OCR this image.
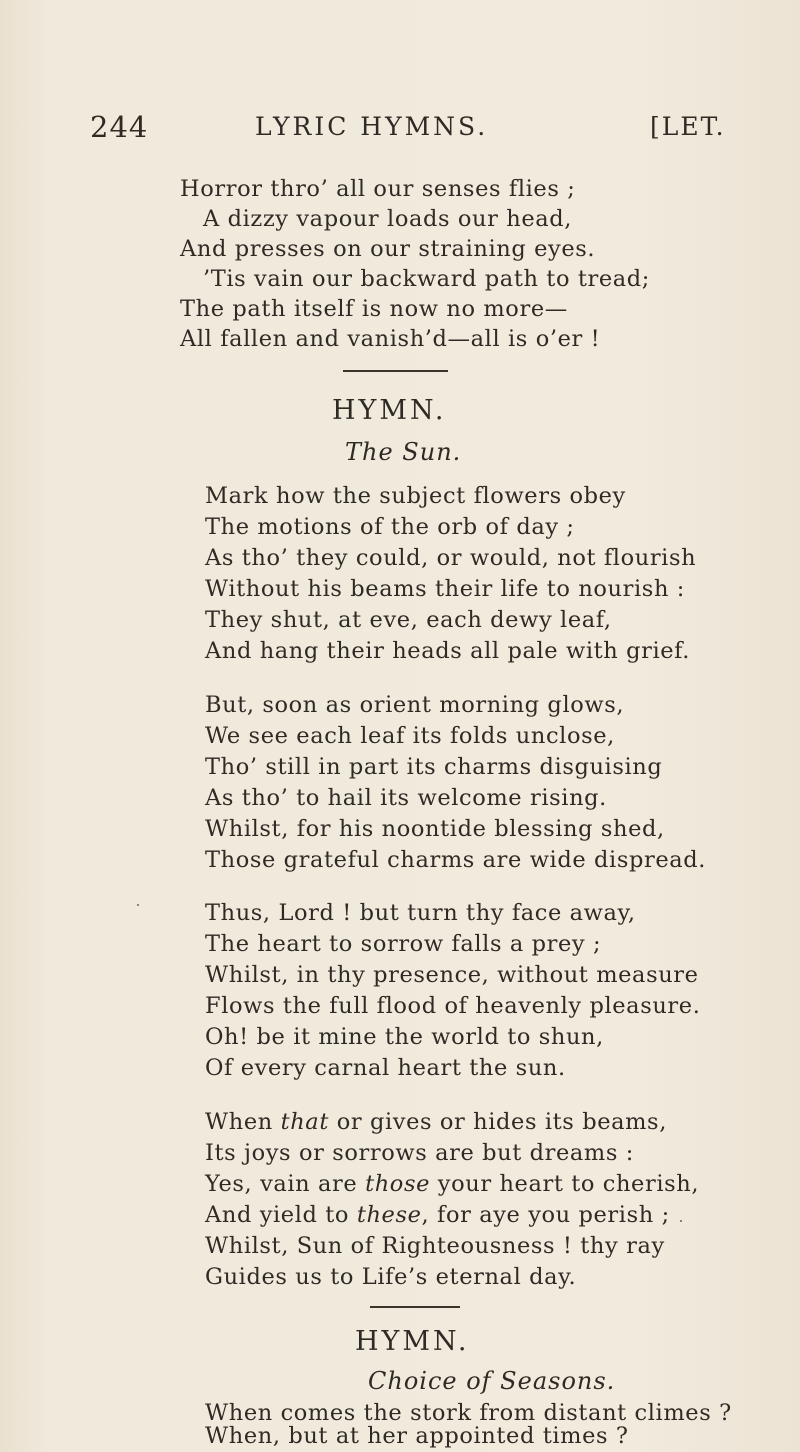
244	LYRIC HYMNS.	[LET.
Horror thro’ all our senses flies ;
A dizzy vapour loads our head,
And presses on our straining eyes.
’Tis vain our backward path to tread;
The path itself is now no more—
All fallen and vanish’d—all is o’er !
HYMN.
The Sun.
Mark how the subject flowers obey
The motions of the orb of day ;
As tho’ they could, or would, not flourish
Without his beams their life to nourish :
They shut, at eve, each dewy leaf,
And hang their heads all pale with grief.
But, soon as orient morning glows,
We see each leaf its folds unclose,
Tho’ still in part its charms disguising
As tho’ to hail its welcome rising.
Whilst, for his noontide blessing shed,
Those grateful charms are wide dispread.
Thus, Lord ! but turn thy face away,
The heart to sorrow falls a prey ;
Whilst, in thy presence, without measure
Flows the full flood of heavenly pleasure.
Oh! be it mine the world to shun,
Of every carnal heart the sun.
When that or gives or hides its beams,
Its joys or sorrows are but dreams :
Yes, vain are those your heart to cherish,
And yield to these, for aye you perish ;
Whilst, Sun of Righteousness ! thy ray
Guides us to Life’s eternal day.
HYMN.
Choice of Seasons.
When comes the stork from distant climes ?
When, but at her appointed times ?
